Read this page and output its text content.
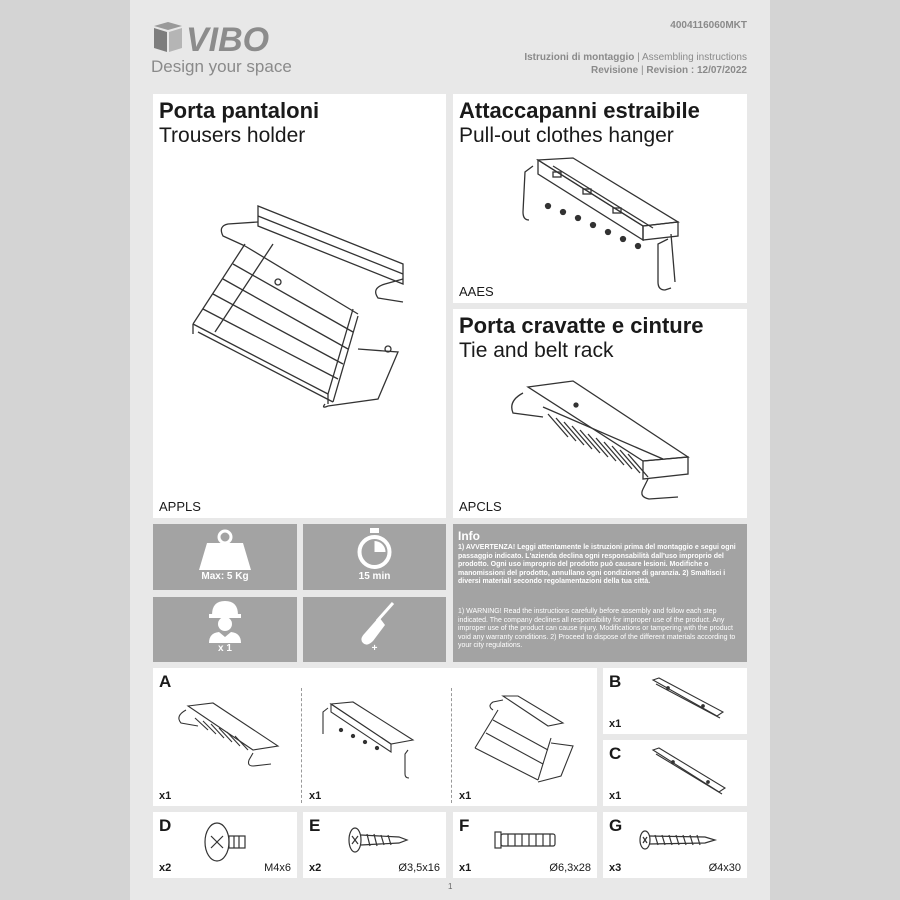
VIBO
Design your space
4004116060MKT
Istruzioni di montaggio | Assembling instructions
Revisione | Revision : 12/07/2022
Porta pantaloni
Trousers holder
APPLS
Attaccapanni estraibile
Pull-out clothes hanger
AAES
Porta cravatte e cinture
Tie and belt rack
APCLS
Max: 5 Kg	15 min
x 1	+
Info
1) AVVERTENZA! Leggi attentamente le istruzioni prima del montaggio e segui ogni passaggio indicato. L'azienda declina ogni responsabilità dall'uso improprio del prodotto. Ogni uso improprio del prodotto può causare lesioni. Modifiche o manomissioni del prodotto, annullano ogni condizione di garanzia. 2) Smaltisci i diversi materiali secondo regolamentazioni della tua città.
1) WARNING! Read the instructions carefully before assembly and follow each step indicated. The company declines all responsibility for improper use of the product. Any improper use of the product can cause injury. Modifications or tampering with the product void any warranty conditions. 2) Proceed to dispose of the different materials according to your city regulations.
A
x1	x1	x1
B
x1
C
x1
D
x2	M4x6
E
x2	Ø3,5x16
F
x1	Ø6,3x28
G
x3	Ø4x30
1
